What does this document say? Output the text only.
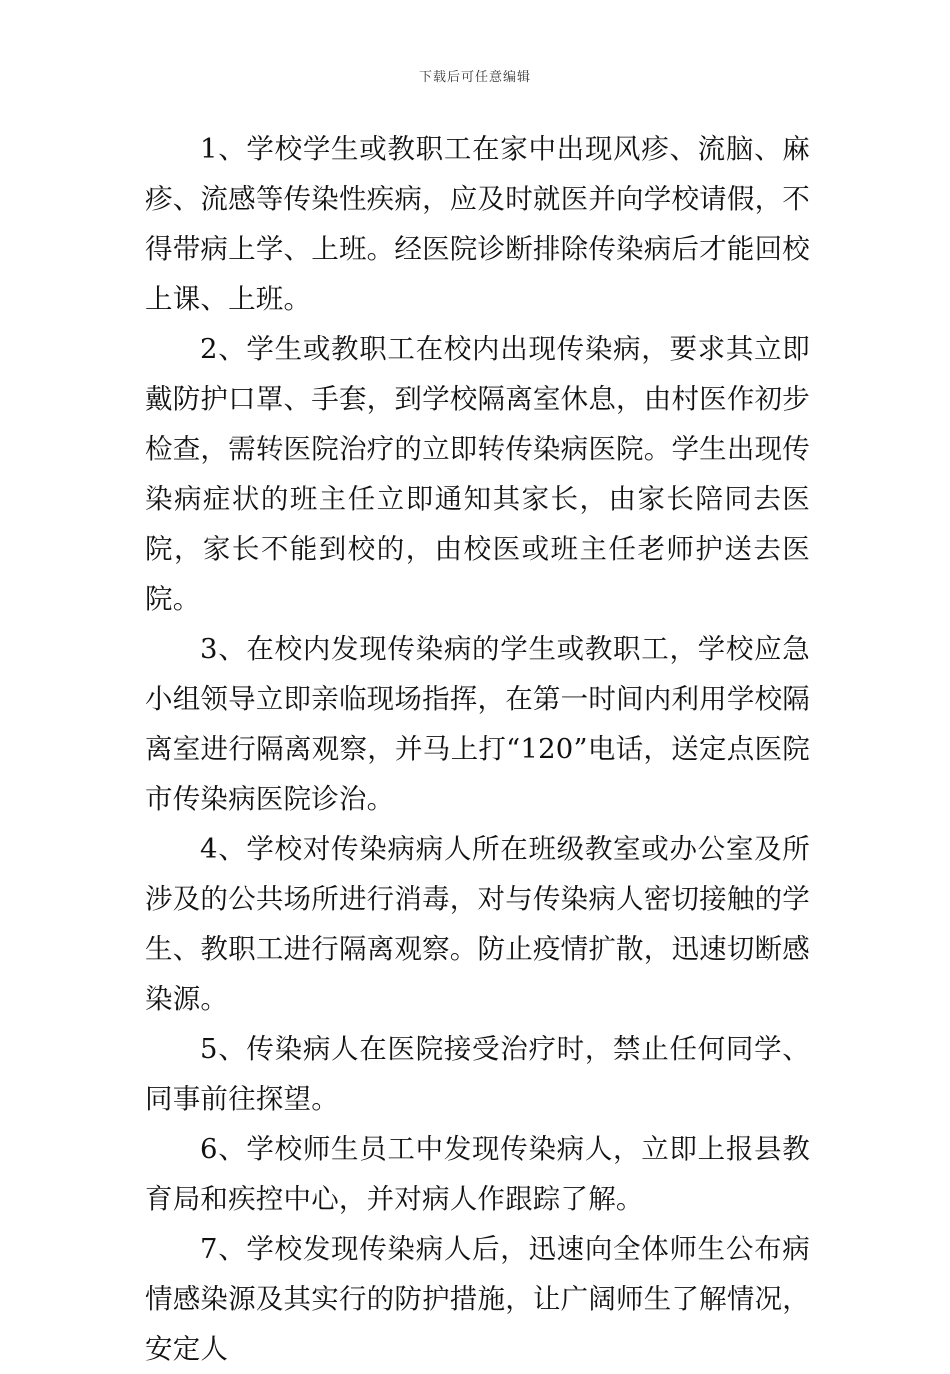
下载后可任意编辑

1、学校学生或教职工在家中出现风疹、流脑、麻疹、流感等传染性疾病，应及时就医并向学校请假，不得带病上学、上班。经医院诊断排除传染病后才能回校上课、上班。

2、学生或教职工在校内出现传染病，要求其立即戴防护口罩、手套，到学校隔离室休息，由村医作初步检查，需转医院治疗的立即转传染病医院。学生出现传染病症状的班主任立即通知其家长，由家长陪同去医院，家长不能到校的，由校医或班主任老师护送去医院。

3、在校内发现传染病的学生或教职工，学校应急小组领导立即亲临现场指挥，在第一时间内利用学校隔离室进行隔离观察，并马上打“120”电话，送定点医院市传染病医院诊治。

4、学校对传染病病人所在班级教室或办公室及所涉及的公共场所进行消毒，对与传染病人密切接触的学生、教职工进行隔离观察。防止疫情扩散，迅速切断感染源。

5、传染病人在医院接受治疗时，禁止任何同学、同事前往探望。

6、学校师生员工中发现传染病人，立即上报县教育局和疾控中心，并对病人作跟踪了解。

7、学校发现传染病人后，迅速向全体师生公布病情感染源及其实行的防护措施，让广阔师生了解情况，安定人
